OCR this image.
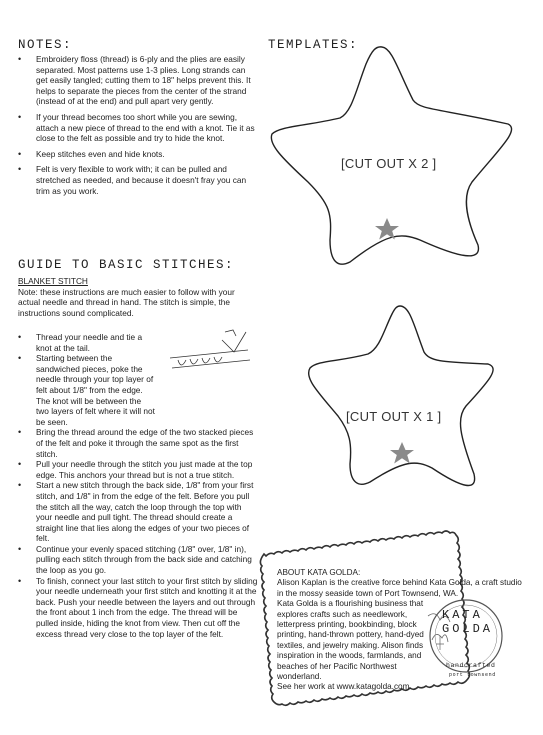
NOTES:	TEMPLATES:
• Embroidery floss (thread) is 6-ply and the plies are easily separated. Most patterns use 1-3 plies. Long strands can get easily tangled; cutting them to 18" helps prevent this. It helps to separate the pieces from the center of the strand (instead of at the end) and pull apart very gently.
• If your thread becomes too short while you are sewing, attach a new piece of thread to the end with a knot. Tie it as close to the felt as possible and try to hide the knot.
• Keep stitches even and hide knots.
• Felt is very flexible to work with; it can be pulled and stretched as needed, and because it doesn't fray you can trim as you work.
GUIDE TO BASIC STITCHES:
BLANKET STITCH
Note: these instructions are much easier to follow with your actual needle and thread in hand. The stitch is simple, the instructions sound complicated.
• Thread your needle and tie a knot at the tail.
• Starting between the sandwiched pieces, poke the needle through your top layer of felt about 1/8" from the edge. The knot will be between the two layers of felt where it will not be seen.
• Bring the thread around the edge of the two stacked pieces of the felt and poke it through the same spot as the first stitch.
• Pull your needle through the stitch you just made at the top edge. This anchors your thread but is not a true stitch.
• Start a new stitch through the back side, 1/8" from your first stitch, and 1/8" in from the edge of the felt. Before you pull the stitch all the way, catch the loop through the top with your needle and pull tight. The thread should create a straight line that lies along the edges of your two pieces of felt.
• Continue your evenly spaced stitching (1/8" over, 1/8" in), pulling each stitch through from the back side and catching the loop as you go.
• To finish, connect your last stitch to your first stitch by sliding your needle underneath your first stitch and knotting it at the back. Push your needle between the layers and out through the front about 1 inch from the edge. The thread will be pulled inside, hiding the knot from view. Then cut off the excess thread very close to the top layer of the felt.
[CUT OUT X 2 ]
[CUT OUT X 1 ]
ABOUT KATA GOLDA:
Alison Kaplan is the creative force behind Kata Golda, a craft studio in the mossy seaside town of Port Townsend, WA.
Kata Golda is a flourishing business that explores crafts such as needlework, letterpress printing, bookbinding, block printing, hand-thrown pottery, hand-dyed textiles, and jewelry making. Alison finds inspiration in the woods, farmlands, and beaches of her Pacific Northwest wonderland.
See her work at www.katagolda.com.
KATA
GOLDA
handcrafted
port townsend
